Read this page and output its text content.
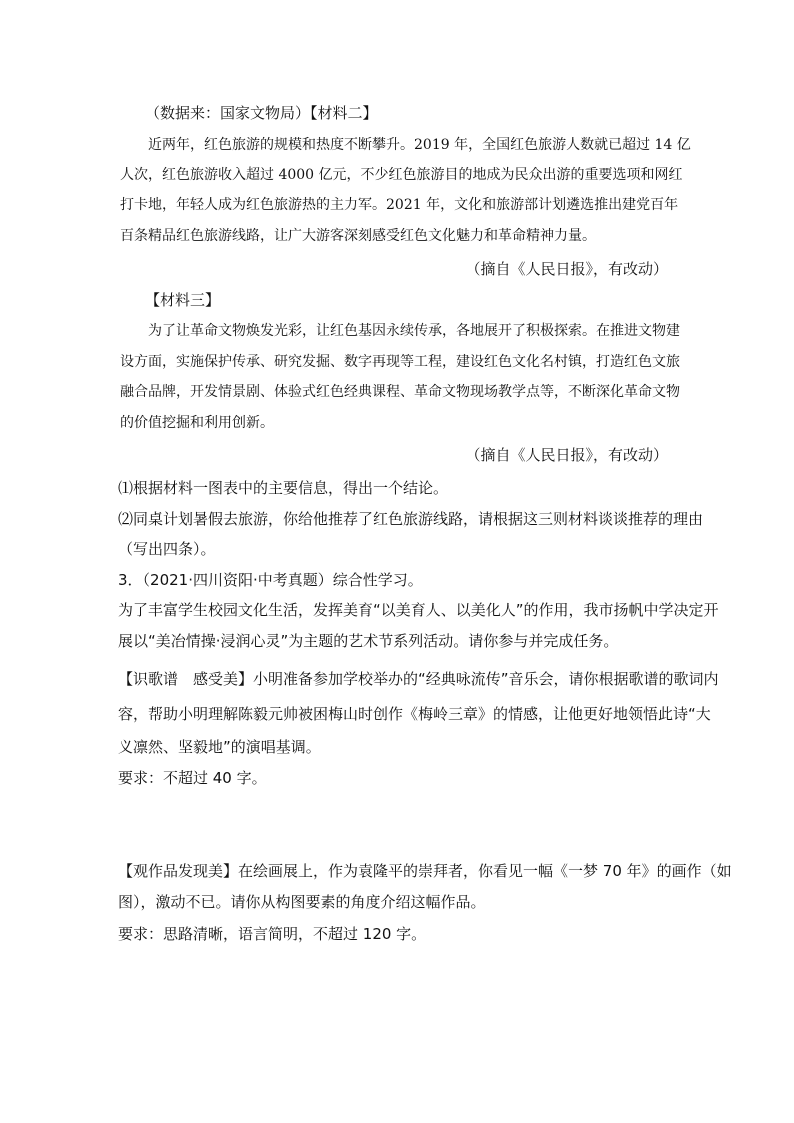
（数据来：国家文物局）【材料二】
近两年，红色旅游的规模和热度不断攀升。2019 年，全国红色旅游人数就已超过 14 亿
人次，红色旅游收入超过 4000 亿元，不少红色旅游目的地成为民众出游的重要选项和网红
打卡地，年轻人成为红色旅游热的主力军。2021 年，文化和旅游部计划遴选推出建党百年
百条精品红色旅游线路，让广大游客深刻感受红色文化魅力和革命精神力量。
（摘自《人民日报》，有改动）
【材料三】
为了让革命文物焕发光彩，让红色基因永续传承，各地展开了积极探索。在推进文物建
设方面，实施保护传承、研究发掘、数字再现等工程，建设红色文化名村镇，打造红色文旅
融合品牌，开发情景剧、体验式红色经典课程、革命文物现场教学点等，不断深化革命文物
的价值挖掘和利用创新。
（摘自《人民日报》，有改动）
⑴根据材料一图表中的主要信息，得出一个结论。
⑵同桌计划暑假去旅游，你给他推荐了红色旅游线路，请根据这三则材料谈谈推荐的理由
（写出四条）。
3．（2021·四川资阳·中考真题）综合性学习。
为了丰富学生校园文化生活，发挥美育“以美育人、以美化人”的作用，我市扬帆中学决定开
展以“美冶情操·浸润心灵”为主题的艺术节系列活动。请你参与并完成任务。
【识歌谱　感受美】小明准备参加学校举办的“经典咏流传”音乐会，请你根据歌谱的歌词内
容，帮助小明理解陈毅元帅被困梅山时创作《梅岭三章》的情感，让他更好地领悟此诗“大
义凛然、坚毅地”的演唱基调。
要求：不超过 40 字。
【观作品发现美】在绘画展上，作为袁隆平的崇拜者，你看见一幅《一梦 70 年》的画作（如
图），激动不已。请你从构图要素的角度介绍这幅作品。
要求：思路清晰，语言简明，不超过 120 字。
